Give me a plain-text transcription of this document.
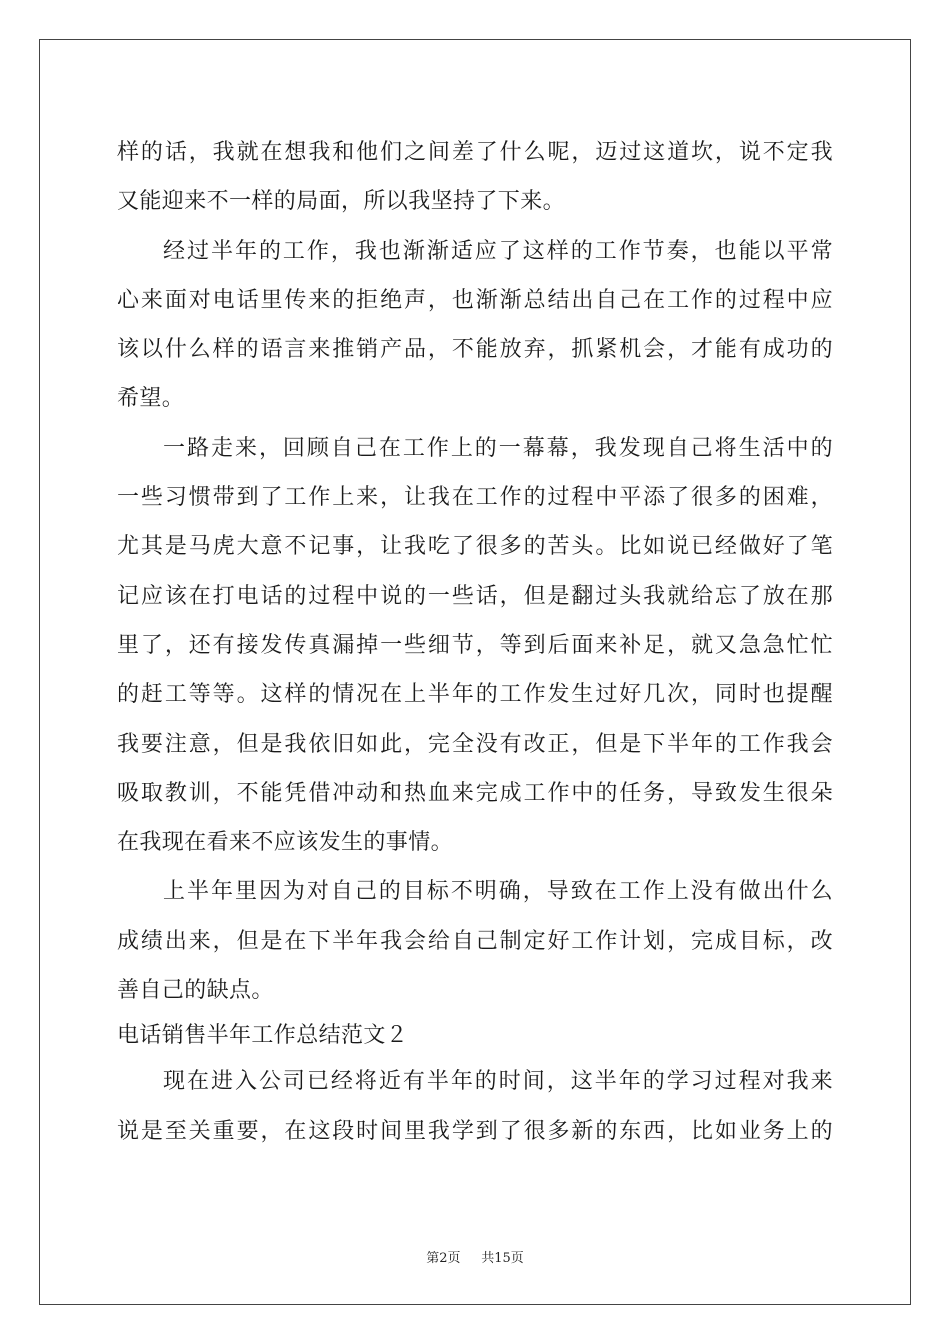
样的话，我就在想我和他们之间差了什么呢，迈过这道坎，说不定我
又能迎来不一样的局面，所以我坚持了下来。
经过半年的工作，我也渐渐适应了这样的工作节奏，也能以平常
心来面对电话里传来的拒绝声，也渐渐总结出自己在工作的过程中应
该以什么样的语言来推销产品，不能放弃，抓紧机会，才能有成功的
希望。
一路走来，回顾自己在工作上的一幕幕，我发现自己将生活中的
一些习惯带到了工作上来，让我在工作的过程中平添了很多的困难，
尤其是马虎大意不记事，让我吃了很多的苦头。比如说已经做好了笔
记应该在打电话的过程中说的一些话，但是翻过头我就给忘了放在那
里了，还有接发传真漏掉一些细节，等到后面来补足，就又急急忙忙
的赶工等等。这样的情况在上半年的工作发生过好几次，同时也提醒
我要注意，但是我依旧如此，完全没有改正，但是下半年的工作我会
吸取教训，不能凭借冲动和热血来完成工作中的任务，导致发生很朵
在我现在看来不应该发生的事情。
上半年里因为对自己的目标不明确，导致在工作上没有做出什么
成绩出来，但是在下半年我会给自己制定好工作计划，完成目标，改
善自己的缺点。
电话销售半年工作总结范文２
现在进入公司已经将近有半年的时间，这半年的学习过程对我来
说是至关重要，在这段时间里我学到了很多新的东西，比如业务上的
第2页 共15页
